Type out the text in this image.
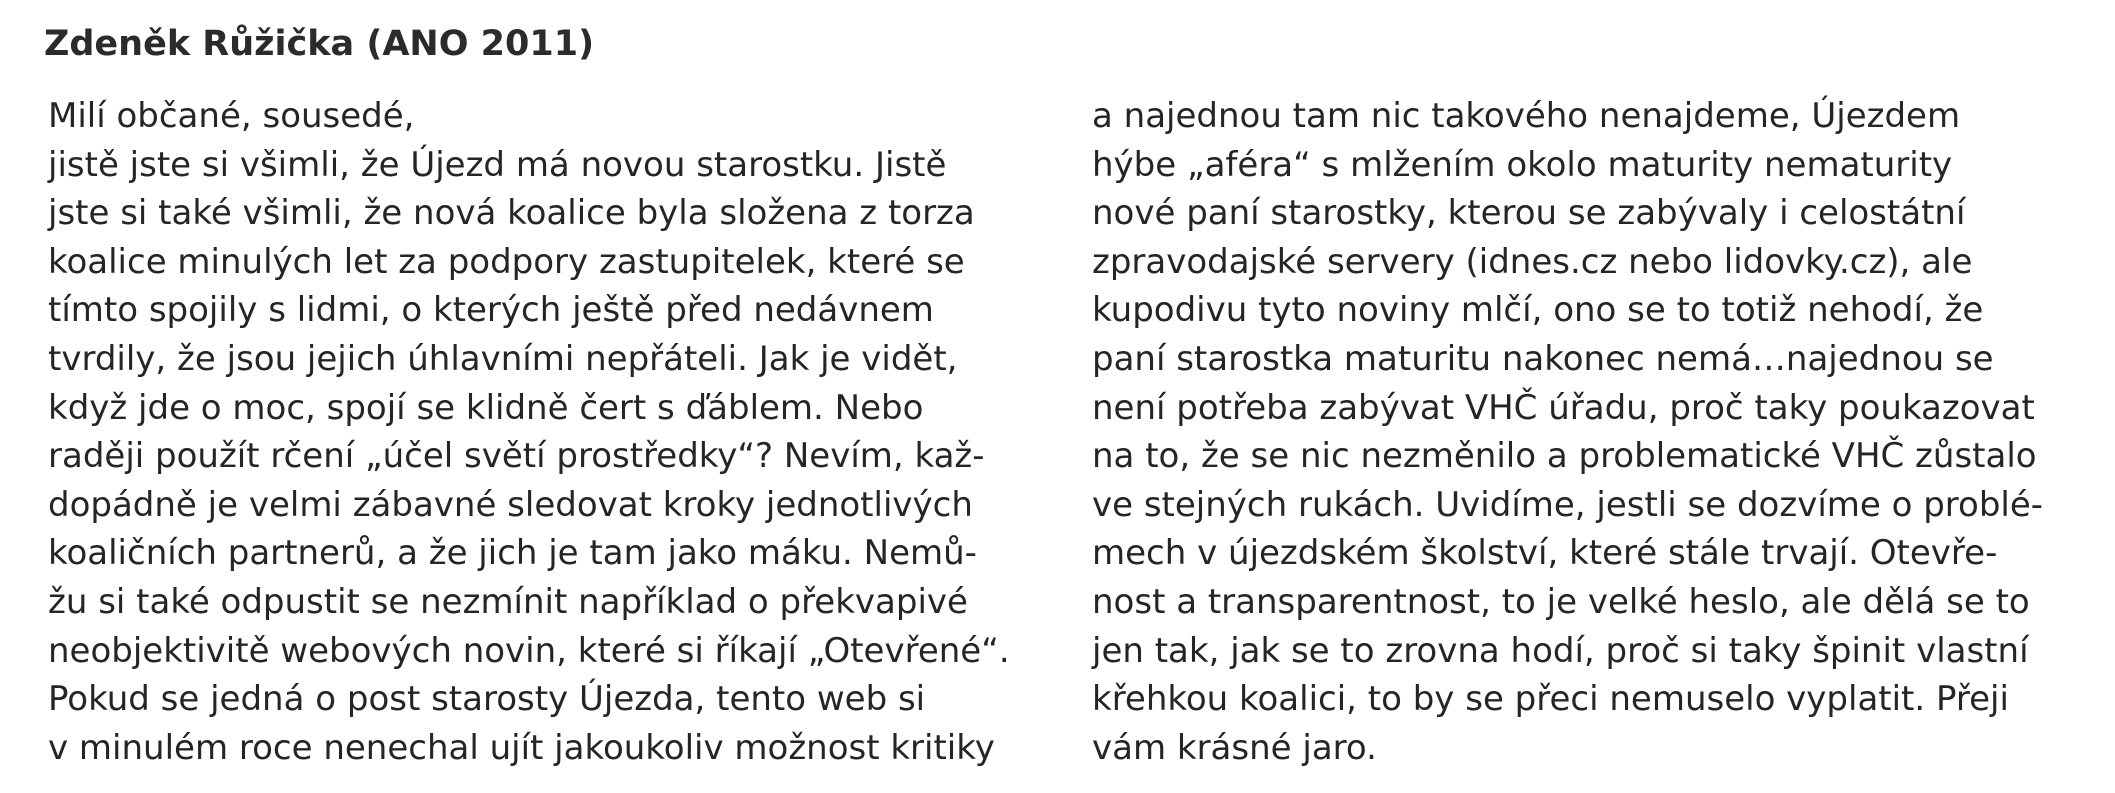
Zdeněk Růžička (ANO 2011)
Milí občané, sousedé,
jistě jste si všimli, že Újezd má novou starostku. Jistě
jste si také všimli, že nová koalice byla složena z torza
koalice minulých let za podpory zastupitelek, které se
tímto spojily s lidmi, o kterých ještě před nedávnem
tvrdily, že jsou jejich úhlavními nepřáteli. Jak je vidět,
když jde o moc, spojí se klidně čert s ďáblem. Nebo
raději použít rčení „účel světí prostředky“? Nevím, kaž-
dopádně je velmi zábavné sledovat kroky jednotlivých
koaličních partnerů, a že jich je tam jako máku. Nemů-
žu si také odpustit se nezmínit například o překvapivé
neobjektivitě webových novin, které si říkají „Otevřené“.
Pokud se jedná o post starosty Újezda, tento web si
v minulém roce nenechal ujít jakoukoliv možnost kritiky
a najednou tam nic takového nenajdeme, Újezdem
hýbe „aféra“ s mlžením okolo maturity nematurity
nové paní starostky, kterou se zabývaly i celostátní
zpravodajské servery (idnes.cz nebo lidovky.cz), ale
kupodivu tyto noviny mlčí, ono se to totiž nehodí, že
paní starostka maturitu nakonec nemá…najednou se
není potřeba zabývat VHČ úřadu, proč taky poukazovat
na to, že se nic nezměnilo a problematické VHČ zůstalo
ve stejných rukách. Uvidíme, jestli se dozvíme o problé-
mech v újezdském školství, které stále trvají. Otevře-
nost a transparentnost, to je velké heslo, ale dělá se to
jen tak, jak se to zrovna hodí, proč si taky špinit vlastní
křehkou koalici, to by se přeci nemuselo vyplatit. Přeji
vám krásné jaro.
